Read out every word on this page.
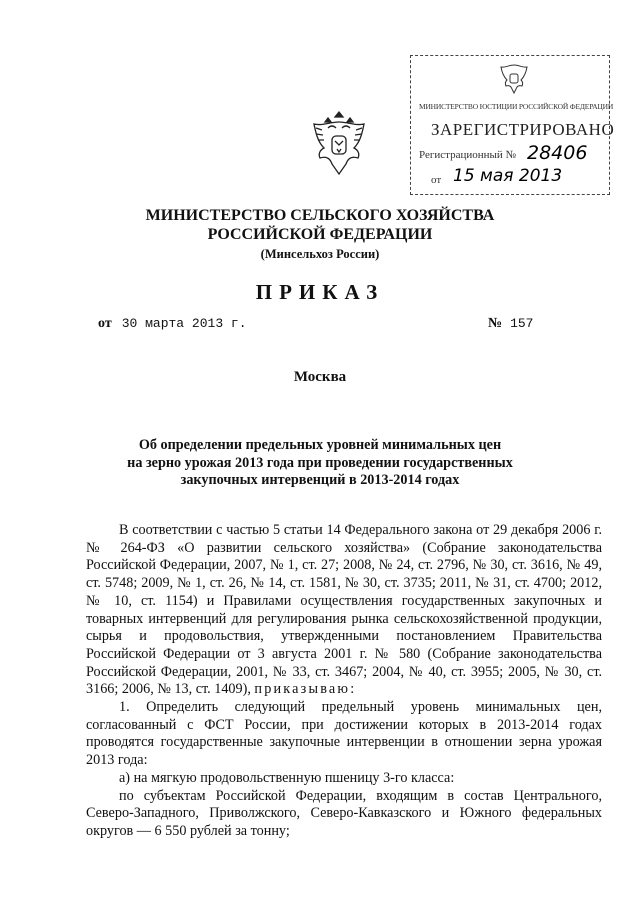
МИНИСТЕРСТВО ЮСТИЦИИ РОССИЙСКОЙ ФЕДЕРАЦИИ
ЗАРЕГИСТРИРОВАНО
Регистрационный № 28406
от 15 мая 2013
МИНИСТЕРСТВО СЕЛЬСКОГО ХОЗЯЙСТВА
РОССИЙСКОЙ ФЕДЕРАЦИИ
(Минсельхоз России)
ПРИКАЗ
от 30 марта 2013 г.	№ 157
Москва
Об определении предельных уровней минимальных цен
на зерно урожая 2013 года при проведении государственных
закупочных интервенций в 2013-2014 годах

В соответствии с частью 5 статьи 14 Федерального закона от 29 декабря 2006 г. № 264-ФЗ «О развитии сельского хозяйства» (Собрание законодательства Российской Федерации, 2007, № 1, ст. 27; 2008, № 24, ст. 2796, № 30, ст. 3616, № 49, ст. 5748; 2009, № 1, ст. 26, № 14, ст. 1581, № 30, ст. 3735; 2011, № 31, ст. 4700; 2012, № 10, ст. 1154) и Правилами осуществления государственных закупочных и товарных интервенций для регулирования рынка сельскохозяйственной продукции, сырья и продовольствия, утвержденными постановлением Правительства Российской Федерации от 3 августа 2001 г. № 580 (Собрание законодательства Российской Федерации, 2001, № 33, ст. 3467; 2004, № 40, ст. 3955; 2005, № 30, ст. 3166; 2006, № 13, ст. 1409), приказываю:

1. Определить следующий предельный уровень минимальных цен, согласованный с ФСТ России, при достижении которых в 2013-2014 годах проводятся государственные закупочные интервенции в отношении зерна урожая 2013 года:

а) на мягкую продовольственную пшеницу 3-го класса:

по субъектам Российской Федерации, входящим в состав Центрального, Северо-Западного, Приволжского, Северо-Кавказского и Южного федеральных округов — 6 550 рублей за тонну;
